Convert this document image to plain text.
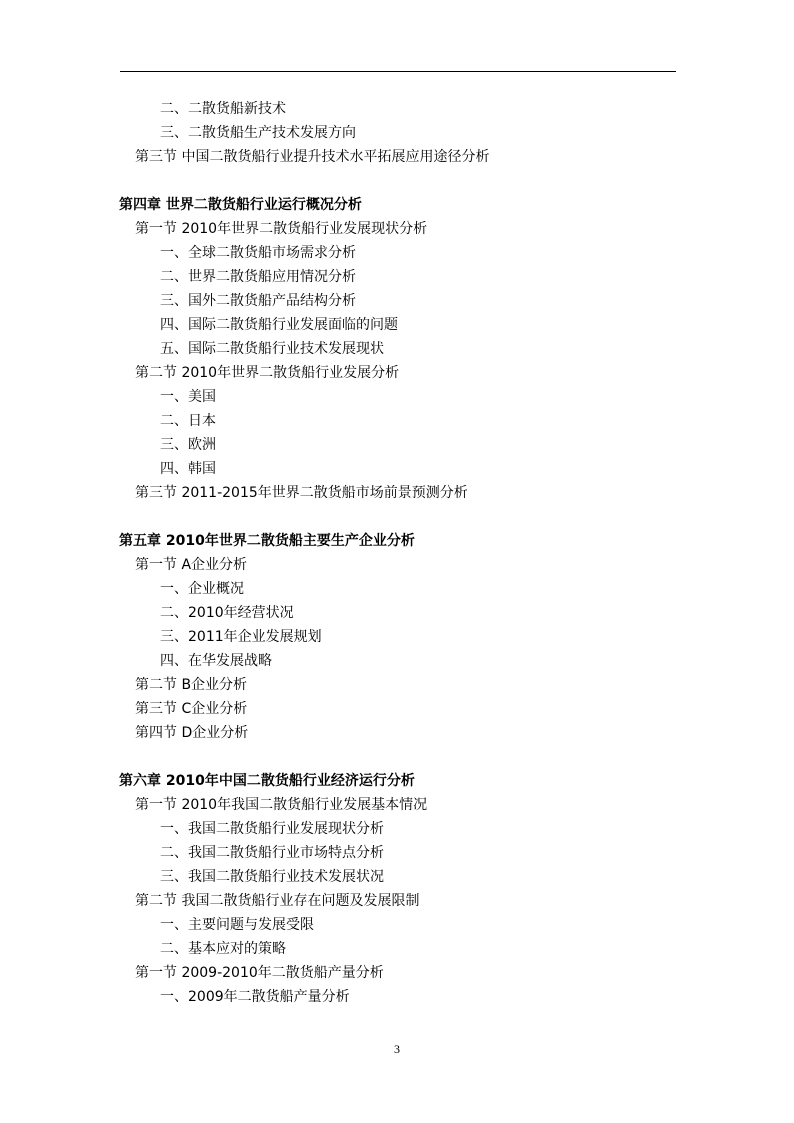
二、二散货船新技术
三、二散货船生产技术发展方向
第三节 中国二散货船行业提升技术水平拓展应用途径分析
第四章 世界二散货船行业运行概况分析
第一节 2010年世界二散货船行业发展现状分析
一、全球二散货船市场需求分析
二、世界二散货船应用情况分析
三、国外二散货船产品结构分析
四、国际二散货船行业发展面临的问题
五、国际二散货船行业技术发展现状
第二节 2010年世界二散货船行业发展分析
一、美国
二、日本
三、欧洲
四、韩国
第三节 2011-2015年世界二散货船市场前景预测分析
第五章 2010年世界二散货船主要生产企业分析
第一节 A企业分析
一、企业概况
二、2010年经营状况
三、2011年企业发展规划
四、在华发展战略
第二节 B企业分析
第三节 C企业分析
第四节 D企业分析
第六章 2010年中国二散货船行业经济运行分析
第一节 2010年我国二散货船行业发展基本情况
一、我国二散货船行业发展现状分析
二、我国二散货船行业市场特点分析
三、我国二散货船行业技术发展状况
第二节 我国二散货船行业存在问题及发展限制
一、主要问题与发展受限
二、基本应对的策略
第一节 2009-2010年二散货船产量分析
一、2009年二散货船产量分析
3
